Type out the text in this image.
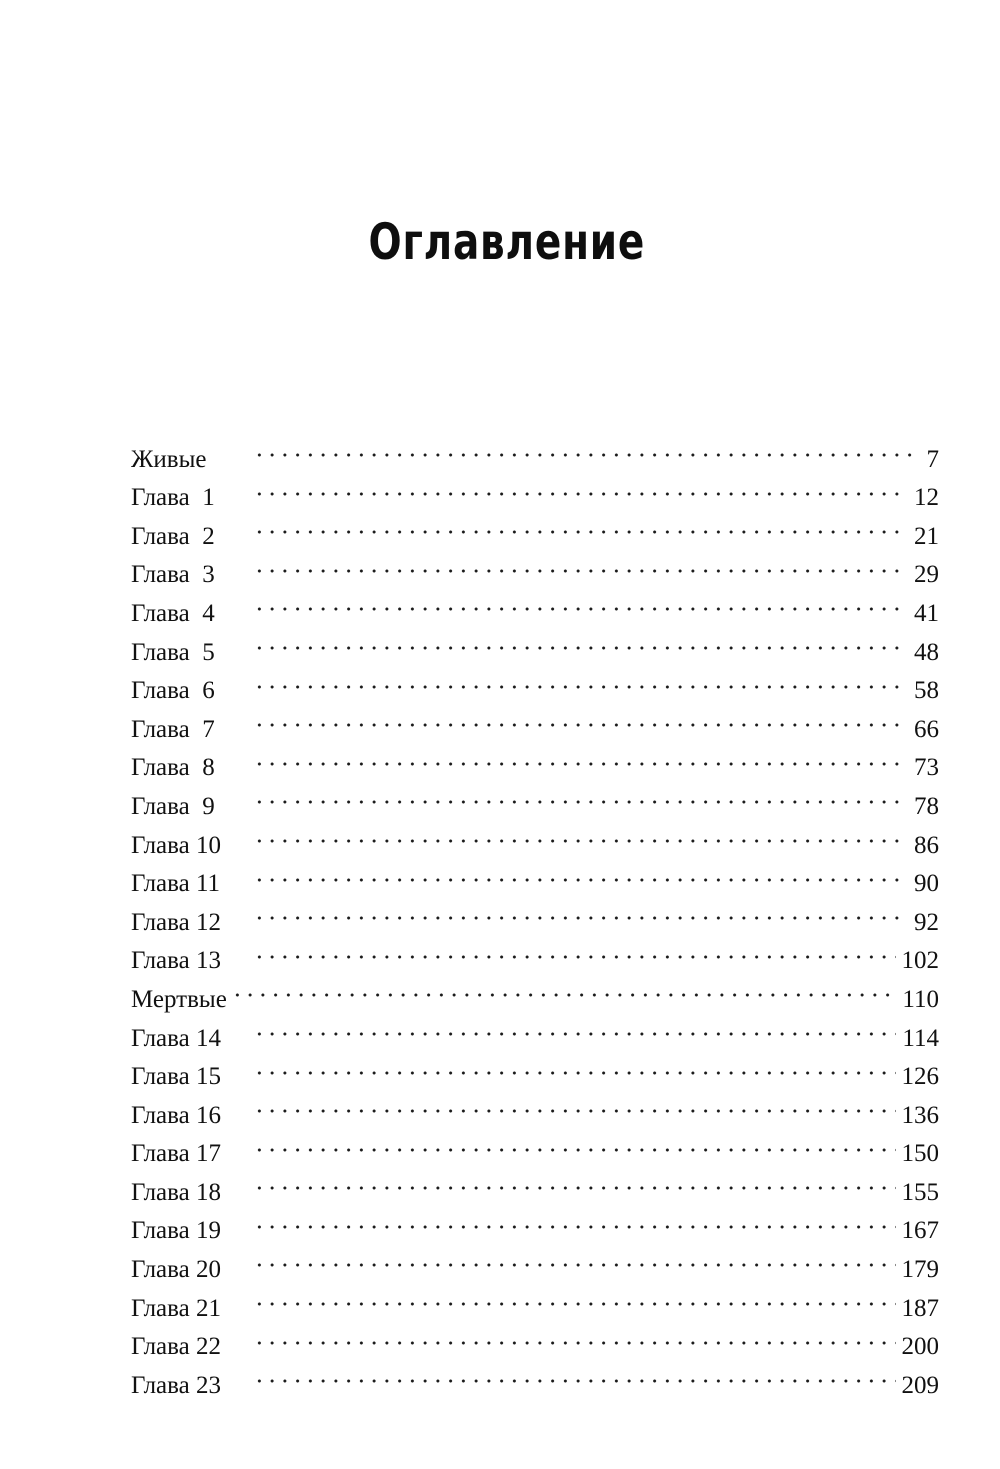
Оглавление
Живые	7
Глава  1	12
Глава  2	21
Глава  3	29
Глава  4	41
Глава  5	48
Глава  6	58
Глава  7	66
Глава  8	73
Глава  9	78
Глава 10	86
Глава 11	90
Глава 12	92
Глава 13	102
Мертвые	110
Глава 14	114
Глава 15	126
Глава 16	136
Глава 17	150
Глава 18	155
Глава 19	167
Глава 20	179
Глава 21	187
Глава 22	200
Глава 23	209
